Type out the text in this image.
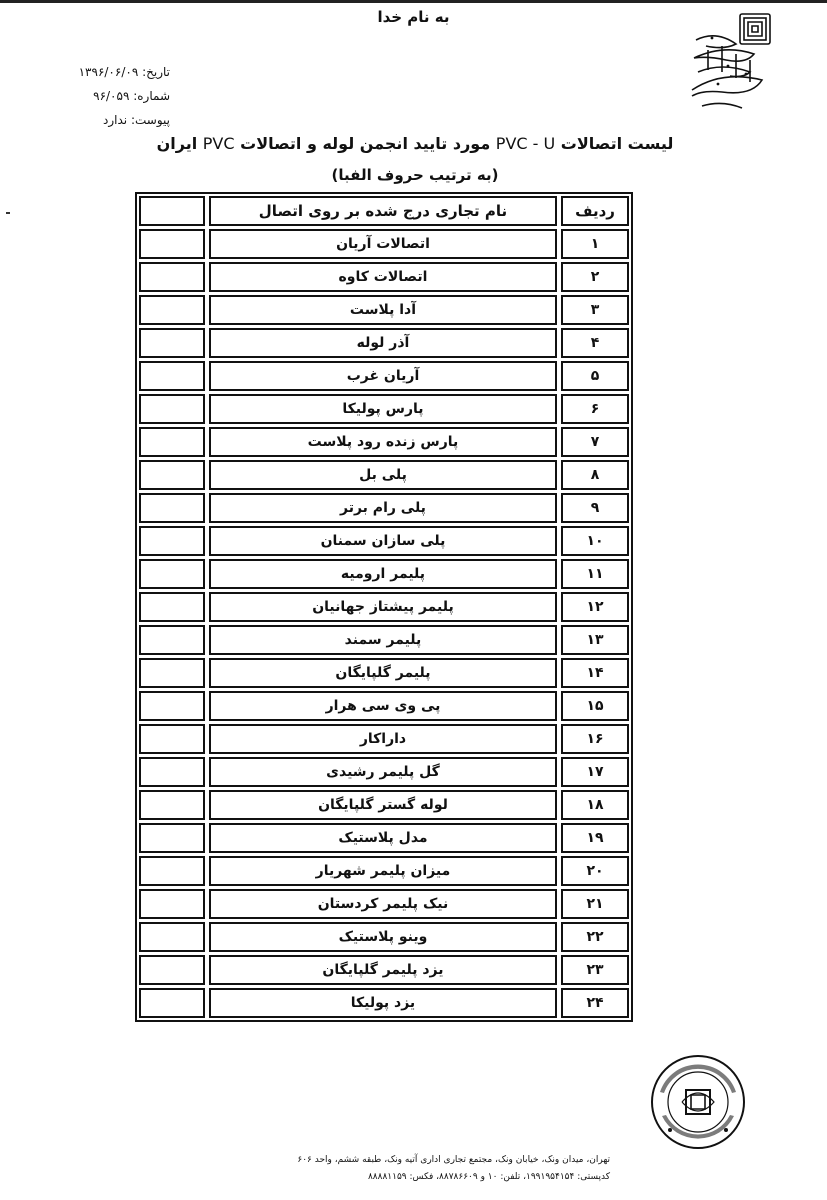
به نام خدا
تاریخ: ۱۳۹۶/۰۶/۰۹
شماره: ۹۶/۰۵۹
پیوست: ندارد
لیست اتصالات PVC - U مورد تایید انجمن لوله و اتصالات PVC ایران
(به ترتیب حروف الفبا)
ردیف		نام تجاری درج شده بر روی اتصال		
۱		اتصالات آریان		
۲		اتصالات کاوه		
۳		آدا پلاست		
۴		آذر لوله		
۵		آریان غرب		
۶		پارس پولیکا		
۷		پارس زنده رود پلاست		
۸		پلی بل		
۹		پلی رام برتر		
۱۰		پلی سازان سمنان		
۱۱		پلیمر ارومیه		
۱۲		پلیمر پیشتاز جهانیان		
۱۳		پلیمر سمند		
۱۴		پلیمر گلپایگان		
۱۵		پی وی سی هرار		
۱۶		داراکار		
۱۷		گل پلیمر رشیدی		
۱۸		لوله گستر گلپایگان		
۱۹		مدل پلاستیک		
۲۰		میزان پلیمر شهریار		
۲۱		نیک پلیمر کردستان		
۲۲		وینو پلاستیک		
۲۳		یزد پلیمر گلپایگان		
۲۴		یزد پولیکا		
تهران، میدان ونک، خیابان ونک، مجتمع تجاری اداری آتیه ونک، طبقه ششم، واحد ۶۰۶
کدپستی: ۱۹۹۱۹۵۴۱۵۴، تلفن: ۱۰ و ۸۸۷۸۶۶۰۹، فکس: ۸۸۸۸۱۱۵۹
